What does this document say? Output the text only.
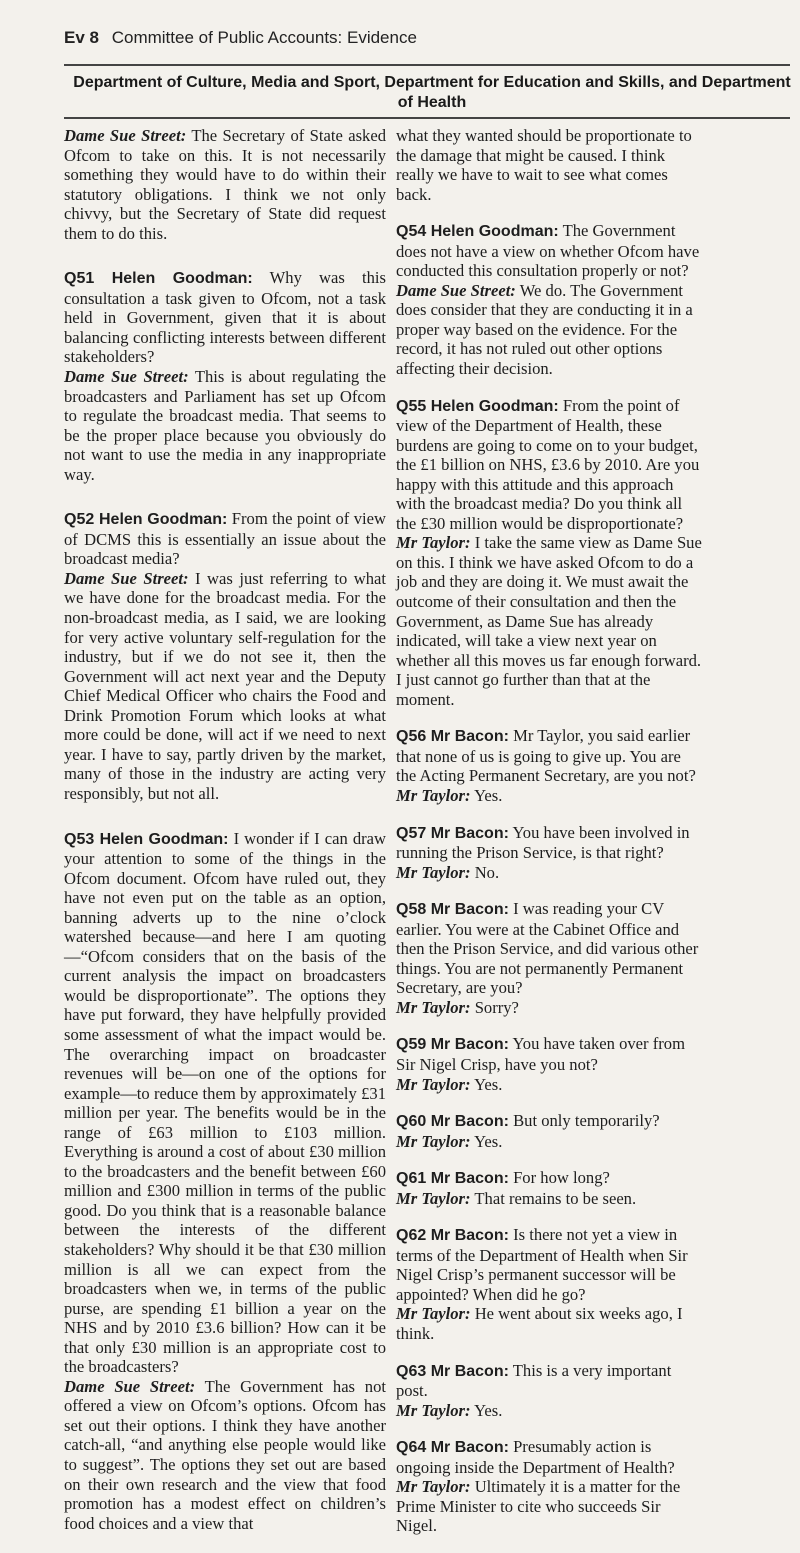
Ev 8 Committee of Public Accounts: Evidence
Department of Culture, Media and Sport, Department for Education and Skills, and Department of Health

Dame Sue Street: The Secretary of State asked Ofcom to take on this. It is not necessarily something they would have to do within their statutory obligations. I think we not only chivvy, but the Secretary of State did request them to do this.

Q51 Helen Goodman: Why was this consultation a task given to Ofcom, not a task held in Government, given that it is about balancing conflicting interests between different stakeholders?

Dame Sue Street: This is about regulating the broadcasters and Parliament has set up Ofcom to regulate the broadcast media. That seems to be the proper place because you obviously do not want to use the media in any inappropriate way.

Q52 Helen Goodman: From the point of view of DCMS this is essentially an issue about the broadcast media?

Dame Sue Street: I was just referring to what we have done for the broadcast media. For the non-broadcast media, as I said, we are looking for very active voluntary self-regulation for the industry, but if we do not see it, then the Government will act next year and the Deputy Chief Medical Officer who chairs the Food and Drink Promotion Forum which looks at what more could be done, will act if we need to next year. I have to say, partly driven by the market, many of those in the industry are acting very responsibly, but not all.

Q53 Helen Goodman: I wonder if I can draw your attention to some of the things in the Ofcom document. Ofcom have ruled out, they have not even put on the table as an option, banning adverts up to the nine o’clock watershed because—and here I am quoting—“Ofcom considers that on the basis of the current analysis the impact on broadcasters would be disproportionate”. The options they have put forward, they have helpfully provided some assessment of what the impact would be. The overarching impact on broadcaster revenues will be—on one of the options for example—to reduce them by approximately £31 million per year. The benefits would be in the range of £63 million to £103 million. Everything is around a cost of about £30 million to the broadcasters and the benefit between £60 million and £300 million in terms of the public good. Do you think that is a reasonable balance between the interests of the different stakeholders? Why should it be that £30 million million is all we can expect from the broadcasters when we, in terms of the public purse, are spending £1 billion a year on the NHS and by 2010 £3.6 billion? How can it be that only £30 million is an appropriate cost to the broadcasters?

Dame Sue Street: The Government has not offered a view on Ofcom’s options. Ofcom has set out their options. I think they have another catch-all, “and anything else people would like to suggest”. The options they set out are based on their own research and the view that food promotion has a modest effect on children’s food choices and a view that

what they wanted should be proportionate to the damage that might be caused. I think really we have to wait to see what comes back.

Q54 Helen Goodman: The Government does not have a view on whether Ofcom have conducted this consultation properly or not?

Dame Sue Street: We do. The Government does consider that they are conducting it in a proper way based on the evidence. For the record, it has not ruled out other options affecting their decision.

Q55 Helen Goodman: From the point of view of the Department of Health, these burdens are going to come on to your budget, the £1 billion on NHS, £3.6 by 2010. Are you happy with this attitude and this approach with the broadcast media? Do you think all the £30 million would be disproportionate?

Mr Taylor: I take the same view as Dame Sue on this. I think we have asked Ofcom to do a job and they are doing it. We must await the outcome of their consultation and then the Government, as Dame Sue has already indicated, will take a view next year on whether all this moves us far enough forward. I just cannot go further than that at the moment.

Q56 Mr Bacon: Mr Taylor, you said earlier that none of us is going to give up. You are the Acting Permanent Secretary, are you not?

Mr Taylor: Yes.

Q57 Mr Bacon: You have been involved in running the Prison Service, is that right?

Mr Taylor: No.

Q58 Mr Bacon: I was reading your CV earlier. You were at the Cabinet Office and then the Prison Service, and did various other things. You are not permanently Permanent Secretary, are you?

Mr Taylor: Sorry?

Q59 Mr Bacon: You have taken over from Sir Nigel Crisp, have you not?

Mr Taylor: Yes.

Q60 Mr Bacon: But only temporarily?

Mr Taylor: Yes.

Q61 Mr Bacon: For how long?

Mr Taylor: That remains to be seen.

Q62 Mr Bacon: Is there not yet a view in terms of the Department of Health when Sir Nigel Crisp’s permanent successor will be appointed? When did he go?

Mr Taylor: He went about six weeks ago, I think.

Q63 Mr Bacon: This is a very important post.

Mr Taylor: Yes.

Q64 Mr Bacon: Presumably action is ongoing inside the Department of Health?

Mr Taylor: Ultimately it is a matter for the Prime Minister to cite who succeeds Sir Nigel.
